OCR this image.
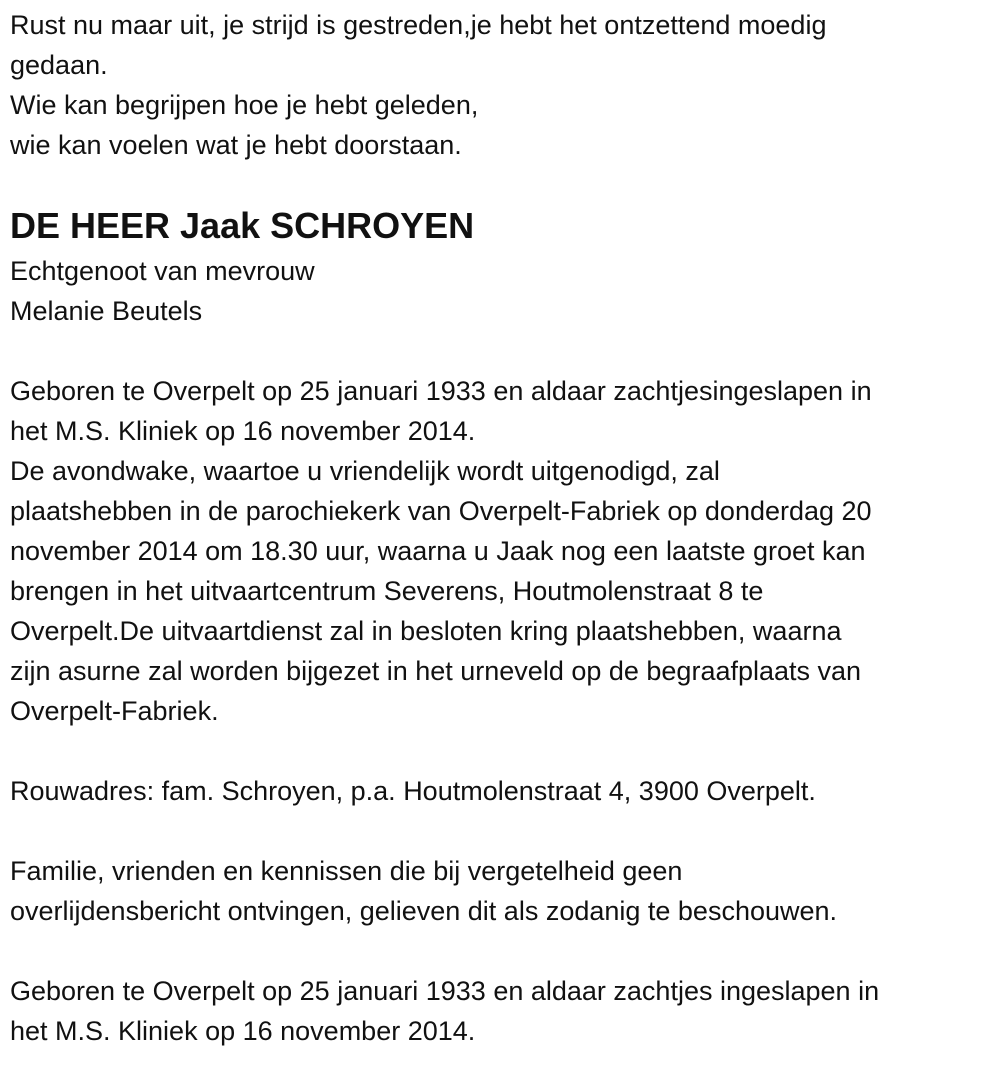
Rust nu maar uit, je strijd is gestreden,je hebt het ontzettend moedig
gedaan.
Wie kan begrijpen hoe je hebt geleden,
wie kan voelen wat je hebt doorstaan.
DE HEER Jaak SCHROYEN
Echtgenoot van mevrouw
Melanie Beutels
Geboren te Overpelt op 25 januari 1933 en aldaar zachtjesingeslapen in
het M.S. Kliniek op 16 november 2014.
De avondwake, waartoe u vriendelijk wordt uitgenodigd, zal
plaatshebben in de parochiekerk van Overpelt-Fabriek op donderdag 20
november 2014 om 18.30 uur, waarna u Jaak nog een laatste groet kan
brengen in het uitvaartcentrum Severens, Houtmolenstraat 8 te
Overpelt.De uitvaartdienst zal in besloten kring plaatshebben, waarna
zijn asurne zal worden bijgezet in het urneveld op de begraafplaats van
Overpelt-Fabriek.
Rouwadres: fam. Schroyen, p.a. Houtmolenstraat 4, 3900 Overpelt.
Familie, vrienden en kennissen die bij vergetelheid geen
overlijdensbericht ontvingen, gelieven dit als zodanig te beschouwen.
Geboren te Overpelt op 25 januari 1933 en aldaar zachtjes ingeslapen in
het M.S. Kliniek op 16 november 2014.
